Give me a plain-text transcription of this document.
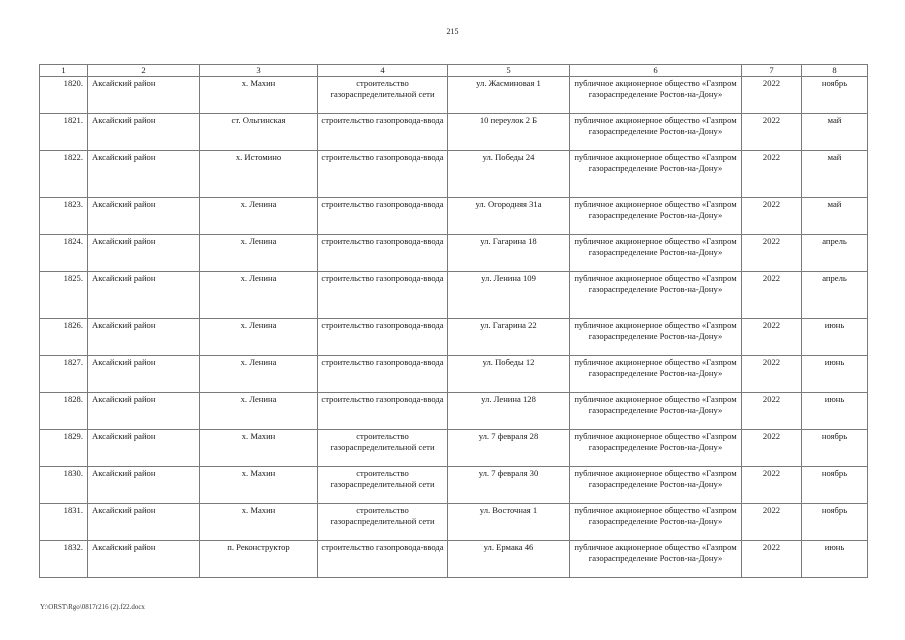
215
1	2	3	4	5	6	7	8
1820.	Аксайский район	х. Махин	строительство газораспределительной сети	ул. Жасминовая 1	публичное акционерное общество «Газпром газораспределение Ростов-на-Дону»	2022	ноябрь
1821.	Аксайский район	ст. Ольгинская	строительство газопровода-ввода	10 переулок 2 Б	публичное акционерное общество «Газпром газораспределение Ростов-на-Дону»	2022	май
1822.	Аксайский район	х. Истомино	строительство газопровода-ввода	ул. Победы 24	публичное акционерное общество «Газпром газораспределение Ростов-на-Дону»	2022	май
1823.	Аксайский район	х. Ленина	строительство газопровода-ввода	ул. Огородняя 31а	публичное акционерное общество «Газпром газораспределение Ростов-на-Дону»	2022	май
1824.	Аксайский район	х. Ленина	строительство газопровода-ввода	ул. Гагарина 18	публичное акционерное общество «Газпром газораспределение Ростов-на-Дону»	2022	апрель
1825.	Аксайский район	х. Ленина	строительство газопровода-ввода	ул. Ленина 109	публичное акционерное общество «Газпром газораспределение Ростов-на-Дону»	2022	апрель
1826.	Аксайский район	х. Ленина	строительство газопровода-ввода	ул. Гагарина 22	публичное акционерное общество «Газпром газораспределение Ростов-на-Дону»	2022	июнь
1827.	Аксайский район	х. Ленина	строительство газопровода-ввода	ул. Победы 12	публичное акционерное общество «Газпром газораспределение Ростов-на-Дону»	2022	июнь
1828.	Аксайский район	х. Ленина	строительство газопровода-ввода	ул. Ленина 128	публичное акционерное общество «Газпром газораспределение Ростов-на-Дону»	2022	июнь
1829.	Аксайский район	х. Махин	строительство газораспределительной сети	ул. 7 февраля 28	публичное акционерное общество «Газпром газораспределение Ростов-на-Дону»	2022	ноябрь
1830.	Аксайский район	х. Махин	строительство газораспределительной сети	ул. 7 февраля 30	публичное акционерное общество «Газпром газораспределение Ростов-на-Дону»	2022	ноябрь
1831.	Аксайский район	х. Махин	строительство газораспределительной сети	ул. Восточная 1	публичное акционерное общество «Газпром газораспределение Ростов-на-Дону»	2022	ноябрь
1832.	Аксайский район	п. Реконструктор	строительство газопровода-ввода	ул. Ермака 46	публичное акционерное общество «Газпром газораспределение Ростов-на-Дону»	2022	июнь
Y:\ORST\Rgo\0817r216 (2).f22.docx
